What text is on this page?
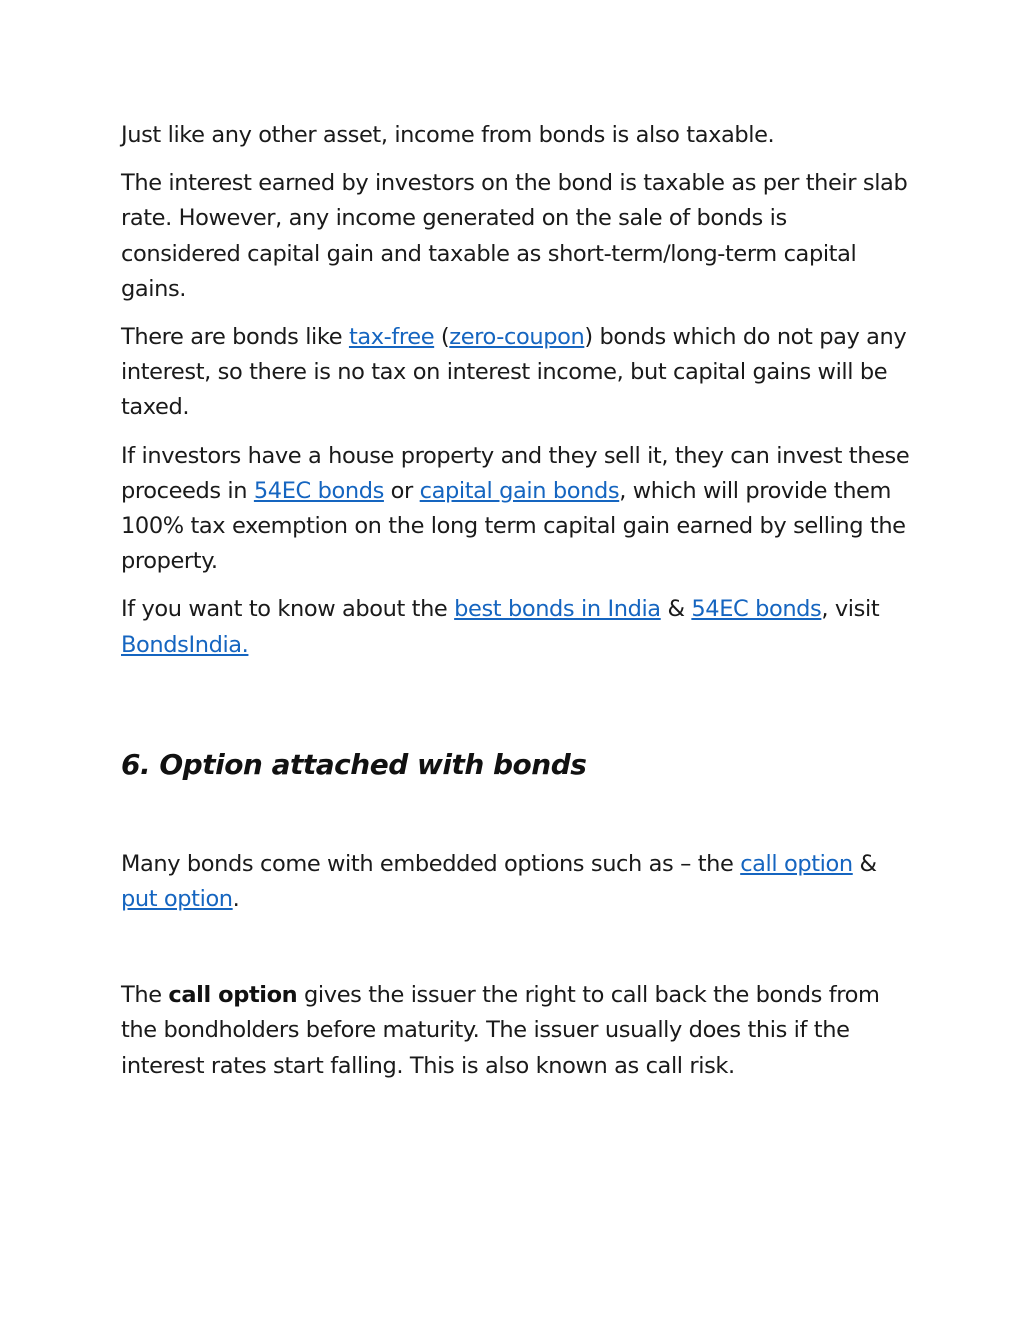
Just like any other asset, income from bonds is also taxable.

The interest earned by investors on the bond is taxable as per their slab rate. However, any income generated on the sale of bonds is considered capital gain and taxable as short-term/long-term capital gains.

There are bonds like tax-free (zero-coupon) bonds which do not pay any interest, so there is no tax on interest income, but capital gains will be taxed.

If investors have a house property and they sell it, they can invest these proceeds in 54EC bonds or capital gain bonds, which will provide them 100% tax exemption on the long term capital gain earned by selling the property.

If you want to know about the best bonds in India & 54EC bonds, visit BondsIndia.

6. Option attached with bonds

Many bonds come with embedded options such as – the call option & put option.

The call option gives the issuer the right to call back the bonds from the bondholders before maturity. The issuer usually does this if the interest rates start falling. This is also known as call risk.
